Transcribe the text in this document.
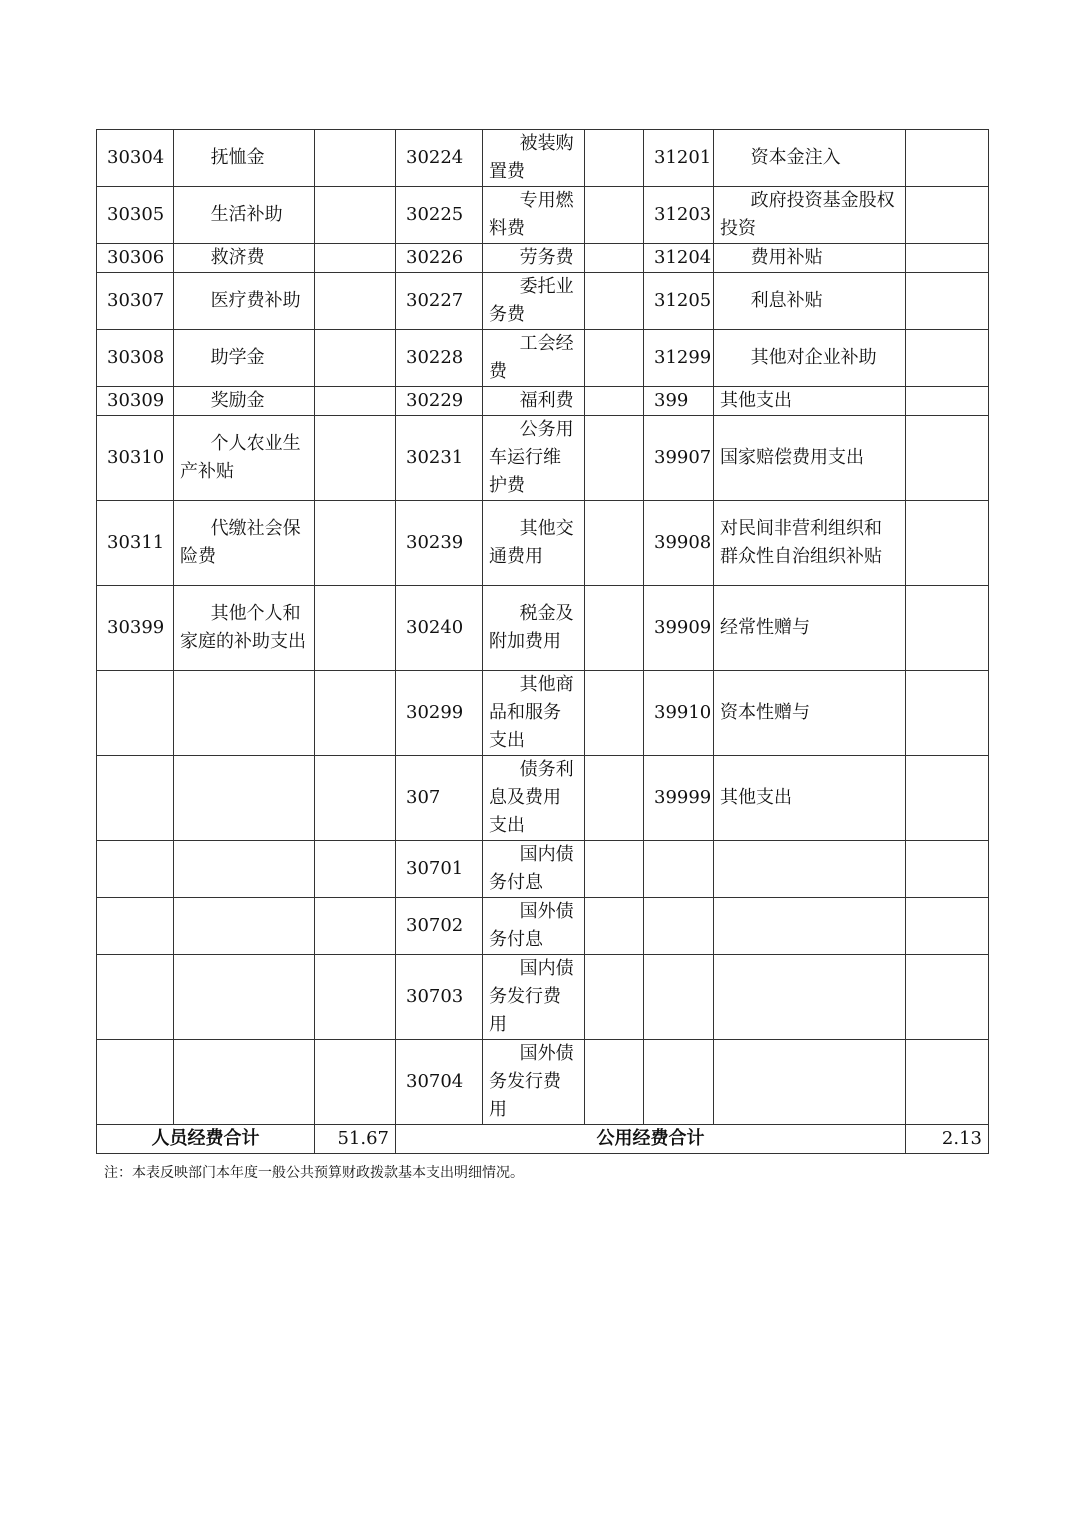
30304	抚恤金		30224	被装购置费		31201	资本金注入	
30305	生活补助		30225	专用燃料费		31203	政府投资基金股权投资	
30306	救济费		30226	劳务费		31204	费用补贴	
30307	医疗费补助		30227	委托业务费		31205	利息补贴	
30308	助学金		30228	工会经费		31299	其他对企业补助	
30309	奖励金		30229	福利费		399	其他支出	
30310	个人农业生产补贴		30231	公务用车运行维护费		39907	国家赔偿费用支出	
30311	代缴社会保险费		30239	其他交通费用		39908	对民间非营利组织和群众性自治组织补贴	
30399	其他个人和家庭的补助支出		30240	税金及附加费用		39909	经常性赠与	
			30299	其他商品和服务支出		39910	资本性赠与	
			307	债务利息及费用支出		39999	其他支出	
			30701	国内债务付息				
			30702	国外债务付息				
			30703	国内债务发行费用				
			30704	国外债务发行费用				
人员经费合计		51.67	公用经费合计					2.13
注：本表反映部门本年度一般公共预算财政拨款基本支出明细情况。
